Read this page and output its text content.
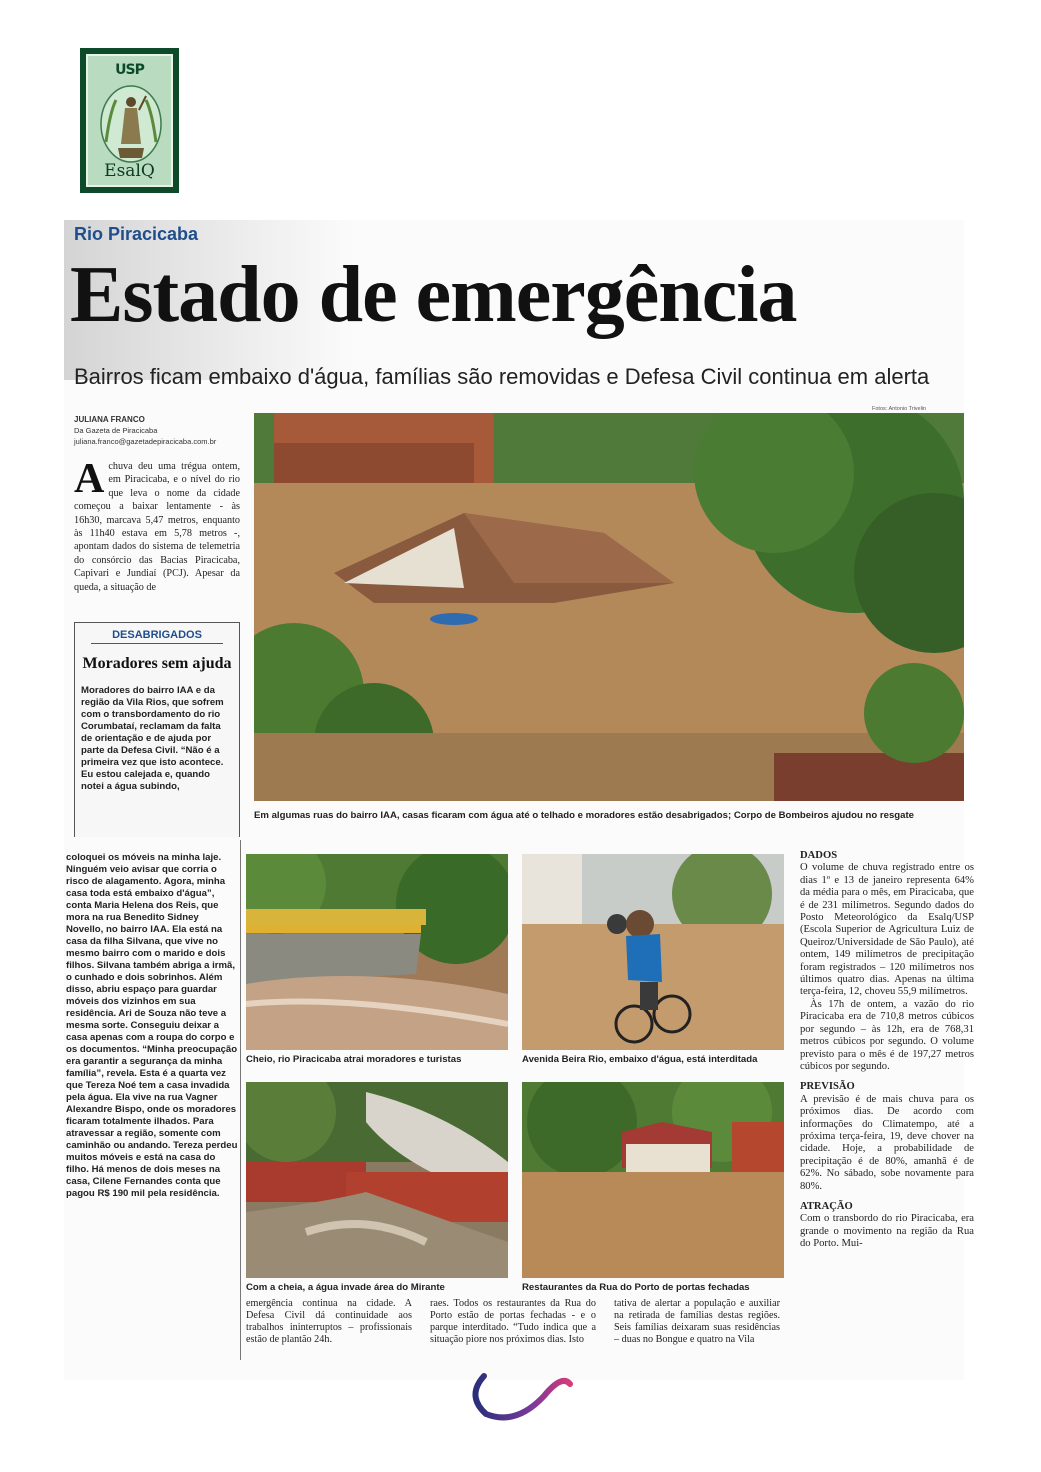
USP
EsalQ
Rio Piracicaba
Estado de emergência
Bairros ficam embaixo d'água, famílias são removidas e Defesa Civil continua em alerta
JULIANA FRANCO
Da Gazeta de Piracicaba
juliana.franco@gazetadepiracicaba.com.br
A chuva deu uma trégua ontem, em Piracicaba, e o nível do rio que leva o nome da cidade começou a baixar lentamente - às 16h30, marcava 5,47 metros, enquanto às 11h40 estava em 5,78 metros -, apontam dados do sistema de telemetria do consórcio das Bacias Piracicaba, Capivari e Jundiaí (PCJ). Apesar da queda, a situação de
DESABRIGADOS
Moradores sem ajuda
Moradores do bairro IAA e da região da Vila Rios, que sofrem com o transbordamento do rio Corumbataí, reclamam da falta de orientação e de ajuda por parte da Defesa Civil. “Não é a primeira vez que isto acontece. Eu estou calejada e, quando notei a água subindo,
Fotos: Antonio Trivelin
Em algumas ruas do bairro IAA, casas ficaram com água até o telhado e moradores estão desabrigados; Corpo de Bombeiros ajudou no resgate
coloquei os móveis na minha laje. Ninguém veio avisar que corria o risco de alagamento. Agora, minha casa toda está embaixo d'água”, conta Maria Helena dos Reis, que mora na rua Benedito Sidney Novello, no bairro IAA. Ela está na casa da filha Silvana, que vive no mesmo bairro com o marido e dois filhos. Silvana também abriga a irmã, o cunhado e dois sobrinhos. Além disso, abriu espaço para guardar móveis dos vizinhos em sua residência. Ari de Souza não teve a mesma sorte. Conseguiu deixar a casa apenas com a roupa do corpo e os documentos. “Minha preocupação era garantir a segurança da minha família”, revela. Esta é a quarta vez que Tereza Noé tem a casa invadida pela água. Ela vive na rua Vagner Alexandre Bispo, onde os moradores ficaram totalmente ilhados. Para atravessar a região, somente com caminhão ou andando. Tereza perdeu muitos móveis e está na casa do filho. Há menos de dois meses na casa, Cilene Fernandes conta que pagou R$ 190 mil pela residência.
Cheio, rio Piracicaba atrai moradores e turistas	Avenida Beira Rio, embaixo d'água, está interditada
Com a cheia, a água invade área do Mirante	Restaurantes da Rua do Porto de portas fechadas
emergência continua na cidade. A Defesa Civil dá continuidade aos trabalhos ininterruptos – profissionais estão de plantão 24h.
raes. Todos os restaurantes da Rua do Porto estão de portas fechadas - e o parque interditado. “Tudo indica que a situação piore nos próximos dias. Isto
tativa de alertar a população e auxiliar na retirada de famílias destas regiões. Seis famílias deixaram suas residências – duas no Bongue e quatro na Vila
DADOS

O volume de chuva registrado entre os dias 1º e 13 de janeiro representa 64% da média para o mês, em Piracicaba, que é de 231 milímetros. Segundo dados do Posto Meteorológico da Esalq/USP (Escola Superior de Agricultura Luiz de Queiroz/Universidade de São Paulo), até ontem, 149 milímetros de precipitação foram registrados – 120 milímetros nos últimos quatro dias. Apenas na última terça-feira, 12, choveu 55,9 milímetros.

Às 17h de ontem, a vazão do rio Piracicaba era de 710,8 metros cúbicos por segundo – às 12h, era de 768,31 metros cúbicos por segundo. O volume previsto para o mês é de 197,27 metros cúbicos por segundo.

PREVISÃO

A previsão é de mais chuva para os próximos dias. De acordo com informações do Climatempo, até a próxima terça-feira, 19, deve chover na cidade. Hoje, a probabilidade de precipitação é de 80%, amanhã é de 62%. No sábado, sobe novamente para 80%.

ATRAÇÃO

Com o transbordo do rio Piracicaba, era grande o movimento na região da Rua do Porto. Mui-
